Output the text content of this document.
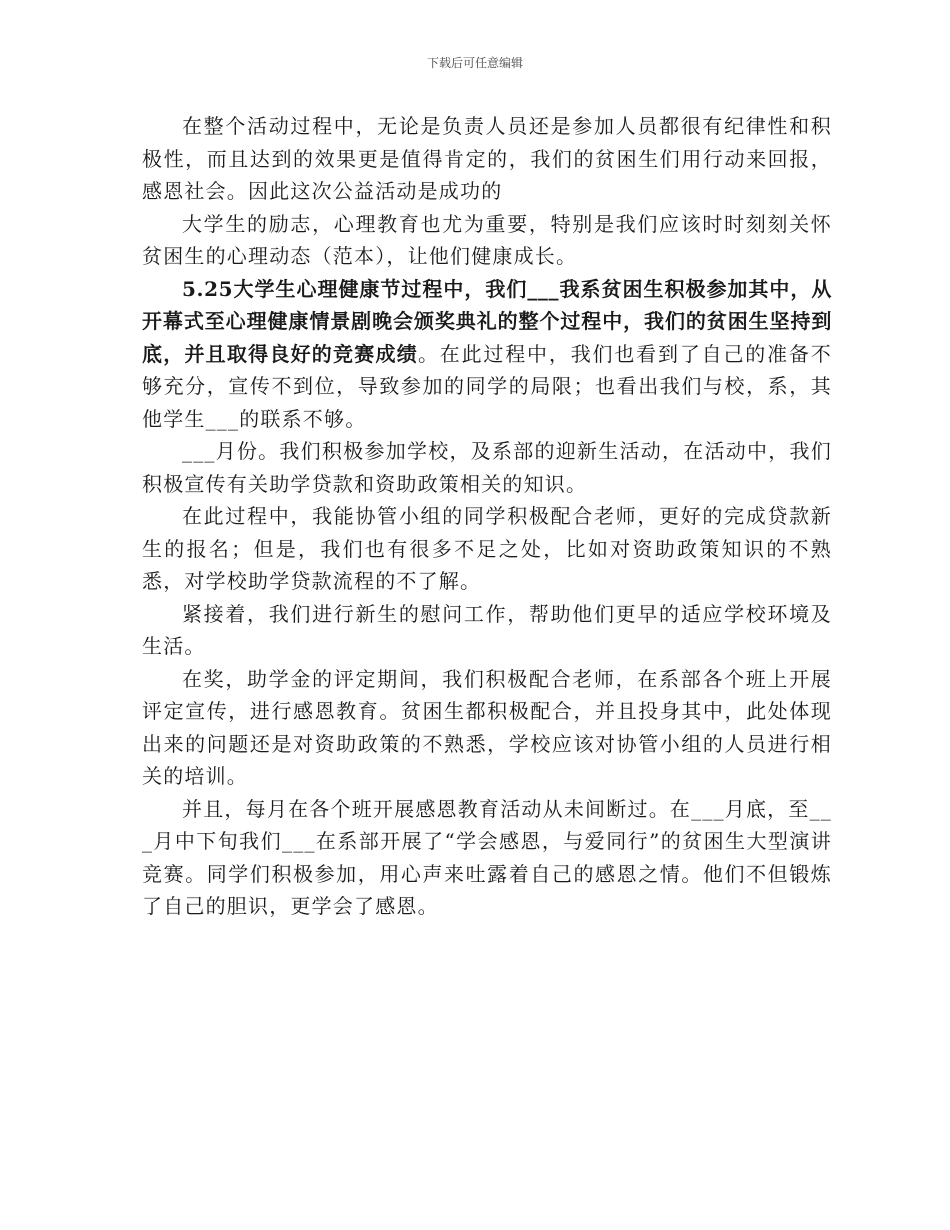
下载后可任意编辑

在整个活动过程中，无论是负责人员还是参加人员都很有纪律性和积极性，而且达到的效果更是值得肯定的，我们的贫困生们用行动来回报，感恩社会。因此这次公益活动是成功的

大学生的励志，心理教育也尤为重要，特别是我们应该时时刻刻关怀贫困生的心理动态（范本），让他们健康成长。

5.25大学生心理健康节过程中，我们___我系贫困生积极参加其中，从开幕式至心理健康情景剧晚会颁奖典礼的整个过程中，我们的贫困生坚持到底，并且取得良好的竞赛成绩。在此过程中，我们也看到了自己的准备不够充分，宣传不到位，导致参加的同学的局限；也看出我们与校，系，其他学生___的联系不够。

___月份。我们积极参加学校，及系部的迎新生活动，在活动中，我们积极宣传有关助学贷款和资助政策相关的知识。

在此过程中，我能协管小组的同学积极配合老师，更好的完成贷款新生的报名；但是，我们也有很多不足之处，比如对资助政策知识的不熟悉，对学校助学贷款流程的不了解。

紧接着，我们进行新生的慰问工作，帮助他们更早的适应学校环境及生活。

在奖，助学金的评定期间，我们积极配合老师，在系部各个班上开展评定宣传，进行感恩教育。贫困生都积极配合，并且投身其中，此处体现出来的问题还是对资助政策的不熟悉，学校应该对协管小组的人员进行相关的培训。

并且，每月在各个班开展感恩教育活动从未间断过。在___月底，至___月中下旬我们___在系部开展了“学会感恩，与爱同行”的贫困生大型演讲竞赛。同学们积极参加，用心声来吐露着自己的感恩之情。他们不但锻炼了自己的胆识，更学会了感恩。
